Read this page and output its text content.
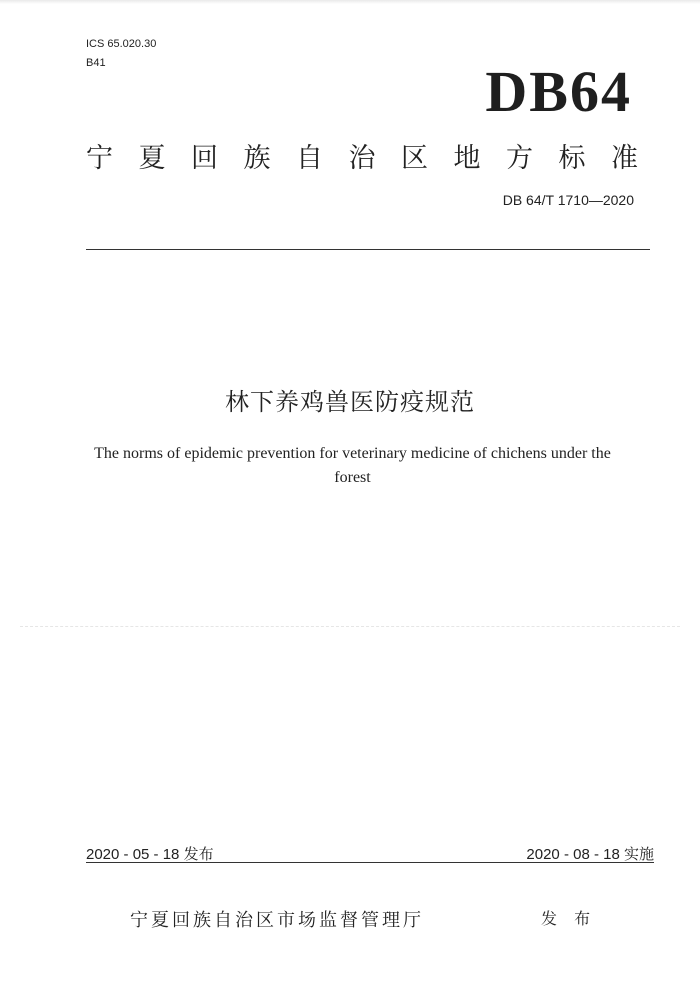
ICS 65.020.30
B41	DB64
宁 夏 回 族 自 治 区 地 方 标 准
DB 64/T 1710—2020
林下养鸡兽医防疫规范
The norms of epidemic prevention for veterinary medicine of chichens under the forest
2020 - 05 - 18 发布	2020 - 08 - 18 实施
宁夏回族自治区市场监督管理厅	发 布
